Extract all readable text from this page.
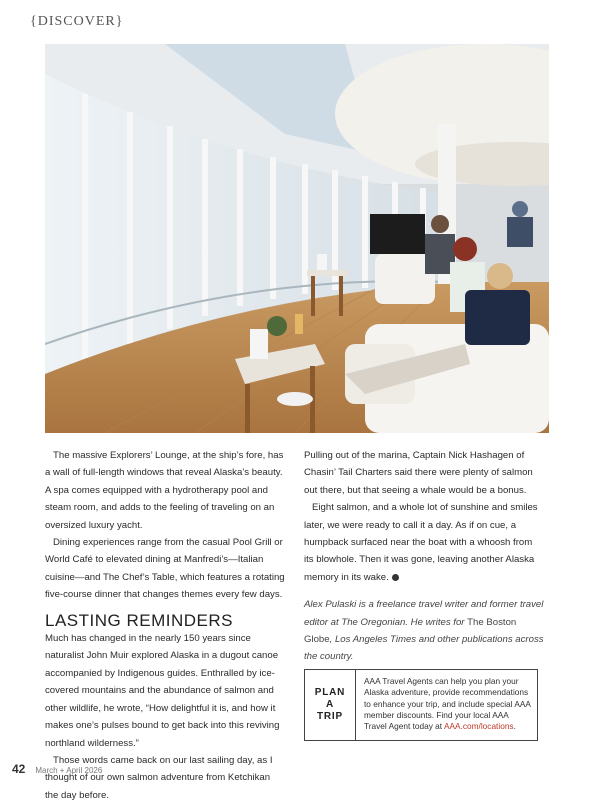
{DISCOVER}

The massive Explorers’ Lounge, at the ship’s fore, has a wall of full-length windows that reveal Alaska’s beauty. A spa comes equipped with a hydrotherapy pool and steam room, and adds to the feeling of traveling on an oversized luxury yacht.

Dining experiences range from the casual Pool Grill or World Café to elevated dining at Manfredi’s—Italian cuisine—and The Chef’s Table, which features a rotating five-course dinner that changes themes every few days.

LASTING REMINDERS

Much has changed in the nearly 150 years since naturalist John Muir explored Alaska in a dugout canoe accompanied by Indigenous guides. Enthralled by ice-covered mountains and the abundance of salmon and other wildlife, he wrote, “How delightful it is, and how it makes one’s pulses bound to get back into this reviving northland wilderness.”

Those words came back on our last sailing day, as I thought of our own salmon adventure from Ketchikan the day before.

Pulling out of the marina, Captain Nick Hashagen of Chasin’ Tail Charters said there were plenty of salmon out there, but that seeing a whale would be a bonus.

Eight salmon, and a whole lot of sunshine and smiles later, we were ready to call it a day. As if on cue, a humpback surfaced near the boat with a whoosh from its blowhole. Then it was gone, leaving another Alaska memory in its wake.

Alex Pulaski is a freelance travel writer and former travel editor at The Oregonian. He writes for The Boston Globe, Los Angeles Times and other publications across the country.

PLAN
A
TRIP
AAA Travel Agents can help you plan your Alaska adventure, provide recommendations to enhance your trip, and include special AAA member discounts. Find your local AAA Travel Agent today at AAA.com/locations.
42 March + April 2026
